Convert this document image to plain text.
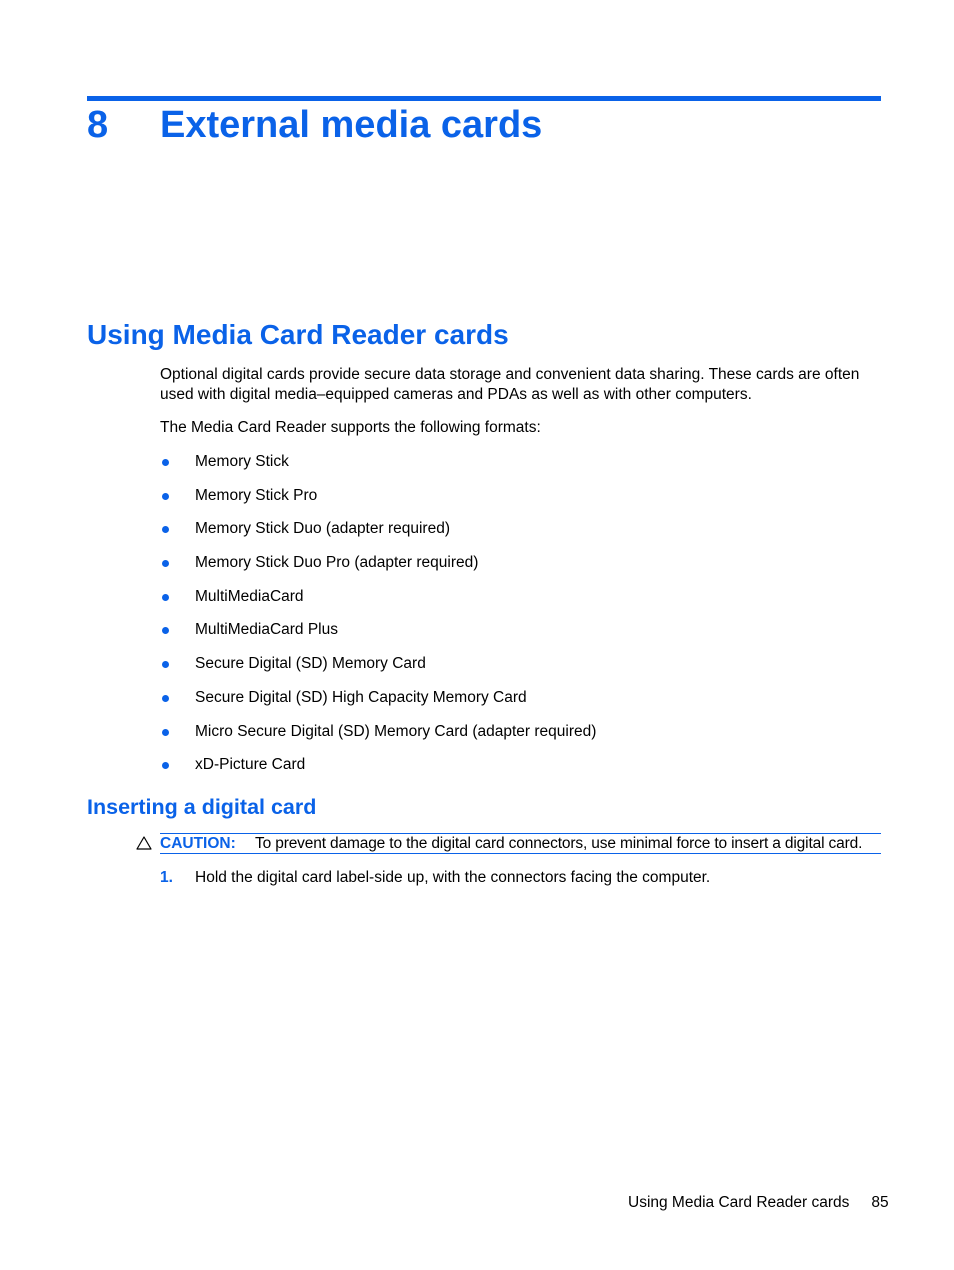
8 External media cards
Using Media Card Reader cards

Optional digital cards provide secure data storage and convenient data sharing. These cards are often used with digital media–equipped cameras and PDAs as well as with other computers.

The Media Card Reader supports the following formats:

Memory Stick
Memory Stick Pro
Memory Stick Duo (adapter required)
Memory Stick Duo Pro (adapter required)
MultiMediaCard
MultiMediaCard Plus
Secure Digital (SD) Memory Card
Secure Digital (SD) High Capacity Memory Card
Micro Secure Digital (SD) Memory Card (adapter required)
xD-Picture Card
Inserting a digital card
CAUTION: To prevent damage to the digital card connectors, use minimal force to insert a digital card.
1. Hold the digital card label-side up, with the connectors facing the computer.
Using Media Card Reader cards 85
